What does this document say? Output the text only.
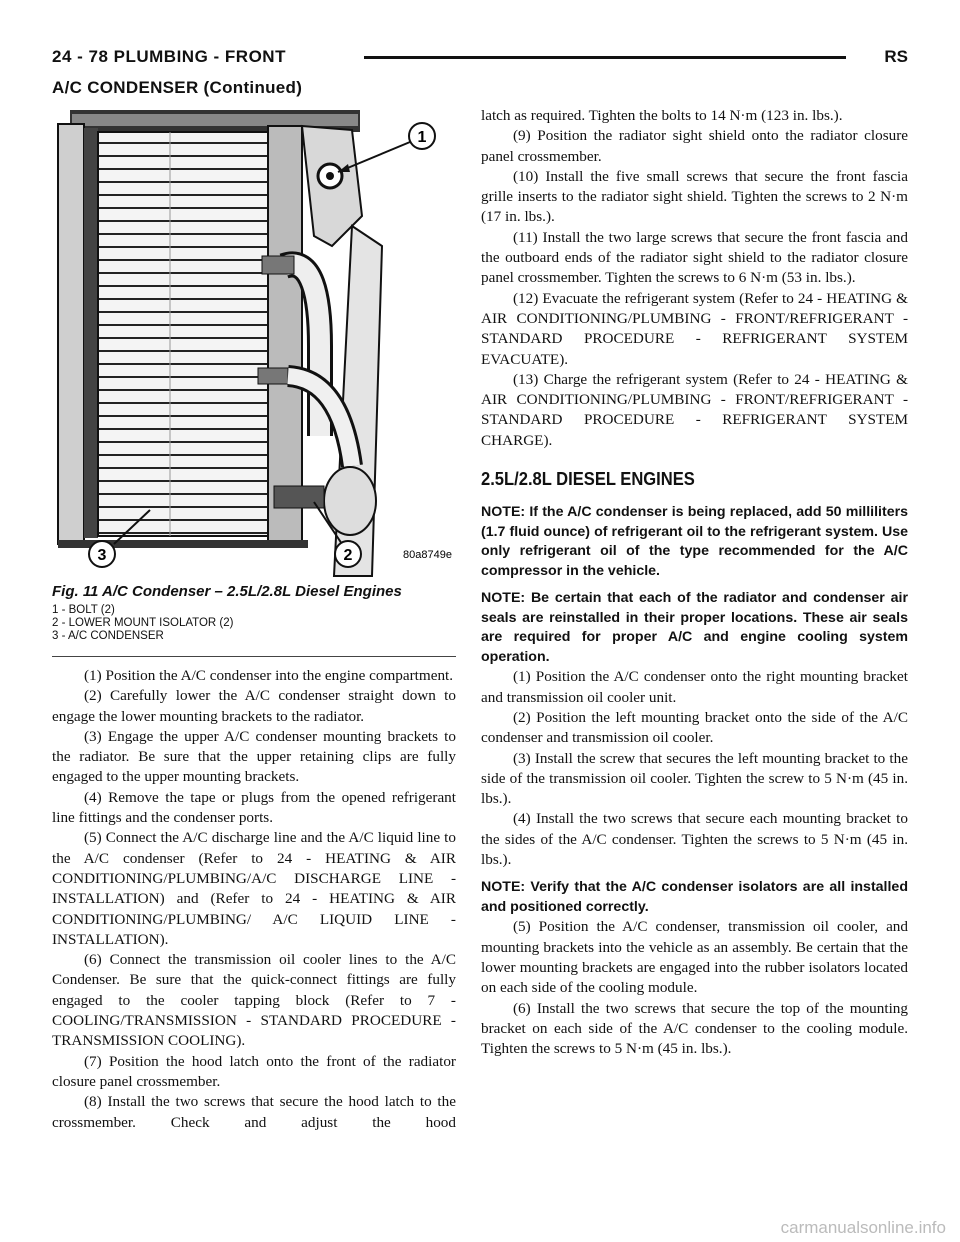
24 - 78 PLUMBING - FRONT	RS
A/C CONDENSER (Continued)
1
2
3	80a8749e
Fig. 11 A/C Condenser – 2.5L/2.8L Diesel Engines
1 - BOLT (2)
2 - LOWER MOUNT ISOLATOR (2)
3 - A/C CONDENSER

(1) Position the A/C condenser into the engine compartment.

(2) Carefully lower the A/C condenser straight down to engage the lower mounting brackets to the radiator.

(3) Engage the upper A/C condenser mounting brackets to the radiator. Be sure that the upper retaining clips are fully engaged to the upper mounting brackets.

(4) Remove the tape or plugs from the opened refrigerant line fittings and the condenser ports.

(5) Connect the A/C discharge line and the A/C liquid line to the A/C condenser (Refer to 24 - HEATING & AIR CONDITIONING/PLUMBING/A/C DISCHARGE LINE - INSTALLATION) and (Refer to 24 - HEATING & AIR CONDITIONING/PLUMBING/ A/C LIQUID LINE - INSTALLATION).

(6) Connect the transmission oil cooler lines to the A/C Condenser. Be sure that the quick-connect fittings are fully engaged to the cooler tapping block (Refer to 7 - COOLING/TRANSMISSION - STANDARD PROCEDURE - TRANSMISSION COOLING).

(7) Position the hood latch onto the front of the radiator closure panel crossmember.

(8) Install the two screws that secure the hood latch to the crossmember. Check and adjust the hood

latch as required. Tighten the bolts to 14 N·m (123 in. lbs.).

(9) Position the radiator sight shield onto the radiator closure panel crossmember.

(10) Install the five small screws that secure the front fascia grille inserts to the radiator sight shield. Tighten the screws to 2 N·m (17 in. lbs.).

(11) Install the two large screws that secure the front fascia and the outboard ends of the radiator sight shield to the radiator closure panel crossmember. Tighten the screws to 6 N·m (53 in. lbs.).

(12) Evacuate the refrigerant system (Refer to 24 - HEATING & AIR CONDITIONING/PLUMBING - FRONT/REFRIGERANT - STANDARD PROCEDURE - REFRIGERANT SYSTEM EVACUATE).

(13) Charge the refrigerant system (Refer to 24 - HEATING & AIR CONDITIONING/PLUMBING - FRONT/REFRIGERANT - STANDARD PROCEDURE - REFRIGERANT SYSTEM CHARGE).

2.5L/2.8L DIESEL ENGINES

NOTE: If the A/C condenser is being replaced, add 50 milliliters (1.7 fluid ounce) of refrigerant oil to the refrigerant system. Use only refrigerant oil of the type recommended for the A/C compressor in the vehicle.

NOTE: Be certain that each of the radiator and condenser air seals are reinstalled in their proper locations. These air seals are required for proper A/C and engine cooling system operation.

(1) Position the A/C condenser onto the right mounting bracket and transmission oil cooler unit.

(2) Position the left mounting bracket onto the side of the A/C condenser and transmission oil cooler.

(3) Install the screw that secures the left mounting bracket to the side of the transmission oil cooler. Tighten the screw to 5 N·m (45 in. lbs.).

(4) Install the two screws that secure each mounting bracket to the sides of the A/C condenser. Tighten the screws to 5 N·m (45 in. lbs.).

NOTE: Verify that the A/C condenser isolators are all installed and positioned correctly.

(5) Position the A/C condenser, transmission oil cooler, and mounting brackets into the vehicle as an assembly. Be certain that the lower mounting brackets are engaged into the rubber isolators located on each side of the cooling module.

(6) Install the two screws that secure the top of the mounting bracket on each side of the A/C condenser to the cooling module. Tighten the screws to 5 N·m (45 in. lbs.).

carmanualsonline.info
